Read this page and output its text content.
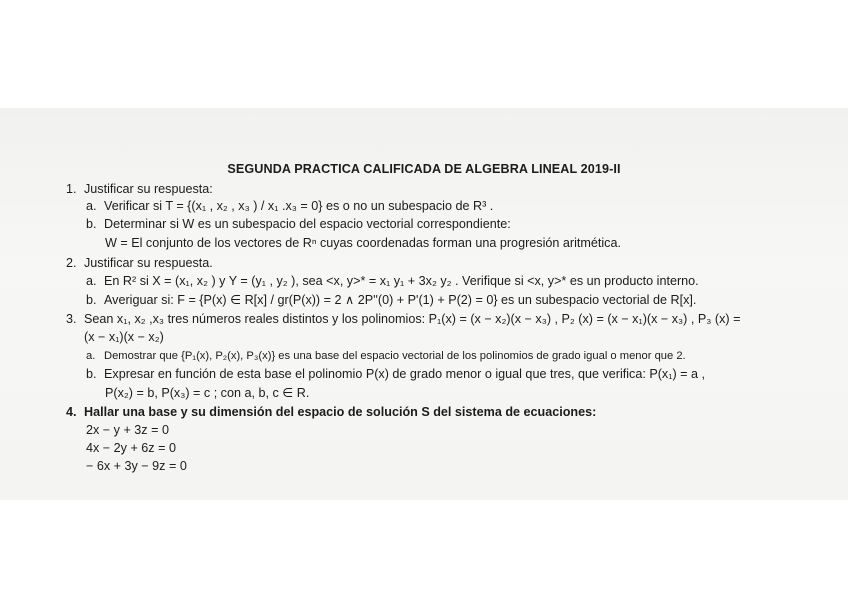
SEGUNDA PRACTICA CALIFICADA DE ALGEBRA LINEAL 2019-II
1. Justificar su respuesta:
a. Verificar si T = {(x₁ , x₂ , x₃ ) / x₁ .x₃ = 0} es o no un subespacio de R³ .
b. Determinar si W es un subespacio del espacio vectorial correspondiente:
W = El conjunto de los vectores de Rⁿ cuyas coordenadas forman una progresión aritmética.
2. Justificar su respuesta.
a. En R² si X = (x₁, x₂ ) y Y = (y₁ , y₂ ), sea <x, y>* = x₁ y₁ + 3x₂ y₂ . Verifique si <x, y>* es un producto interno.
b. Averiguar si: F = {P(x) ∈ R[x] / gr(P(x)) = 2 ∧ 2P''(0) + P'(1) + P(2) = 0} es un subespacio vectorial de R[x].
3. Sean x₁, x₂ ,x₃ tres números reales distintos y los polinomios: P₁(x) = (x − x₂)(x − x₃) , P₂ (x) = (x − x₁)(x − x₃) , P₃ (x) =
(x − x₁)(x − x₂)
a. Demostrar que {P₁(x), P₂(x), P₃(x)} es una base del espacio vectorial de los polinomios de grado igual o menor que 2.
b. Expresar en función de esta base el polinomio P(x) de grado menor o igual que tres, que verifica: P(x₁) = a ,
P(x₂) = b, P(x₃) = c ; con a, b, c ∈ R.
4. Hallar una base y su dimensión del espacio de solución S del sistema de ecuaciones:
2x − y + 3z = 0
4x − 2y + 6z = 0
− 6x + 3y − 9z = 0
